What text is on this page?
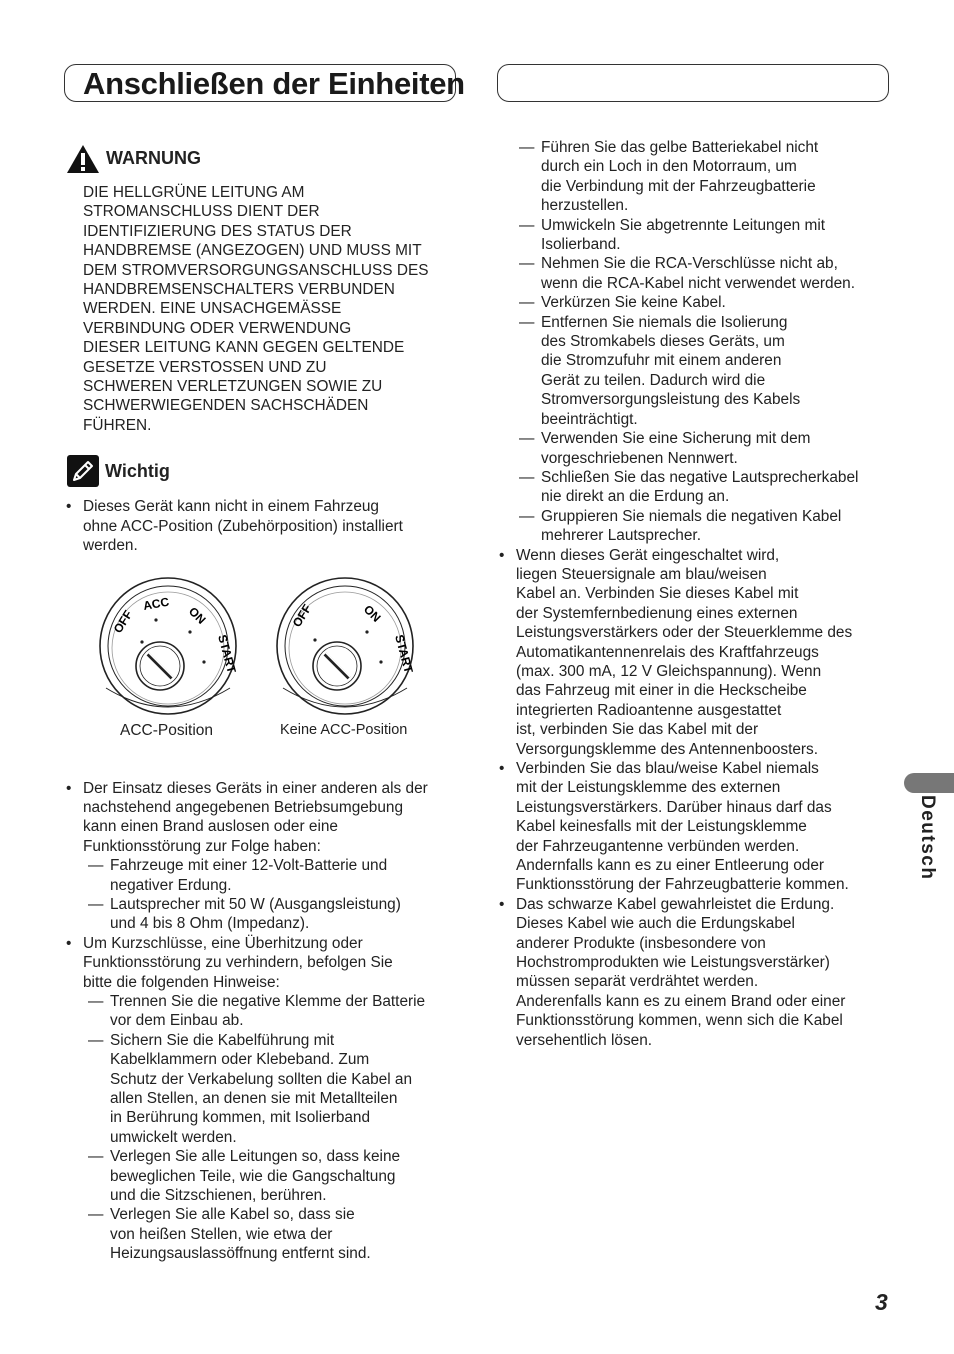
Anschließen der Einheiten
WARNUNG
DIE HELLGRÜNE LEITUNG AM
STROMANSCHLUSS DIENT DER
IDENTIFIZIERUNG DES STATUS DER
HANDBREMSE (ANGEZOGEN) UND MUSS MIT
DEM STROMVERSORGUNGSANSCHLUSS DES
HANDBREMSENSCHALTERS VERBUNDEN
WERDEN. EINE UNSACHGEMÄSSE
VERBINDUNG ODER VERWENDUNG
DIESER LEITUNG KANN GEGEN GELTENDE
GESETZE VERSTOSSEN UND ZU
SCHWEREN VERLETZUNGEN SOWIE ZU
SCHWERWIEGENDEN SACHSCHÄDEN
FÜHREN.
Wichtig
• Dieses Gerät kann nicht in einem Fahrzeug
ohne ACC-Position (Zubehörposition) installiert
werden.
OFF
ACC
ON
START
OFF	ON
START
ACC-Position	Keine ACC-Position
• Der Einsatz dieses Geräts in einer anderen als der
nachstehend angegebenen Betriebsumgebung
kann einen Brand auslosen oder eine
Funktionsstörung zur Folge haben:
— Fahrzeuge mit einer 12-Volt-Batterie und
negativer Erdung.
— Lautsprecher mit 50 W (Ausgangsleistung)
und 4 bis 8 Ohm (Impedanz).
• Um Kurzschlüsse, eine Überhitzung oder
Funktionsstörung zu verhindern, befolgen Sie
bitte die folgenden Hinweise:
— Trennen Sie die negative Klemme der Batterie
vor dem Einbau ab.
— Sichern Sie die Kabelführung mit
Kabelklammern oder Klebeband. Zum
Schutz der Verkabelung sollten die Kabel an
allen Stellen, an denen sie mit Metallteilen
in Berührung kommen, mit Isolierband
umwickelt werden.
— Verlegen Sie alle Leitungen so, dass keine
beweglichen Teile, wie die Gangschaltung
und die Sitzschienen, berühren.
— Verlegen Sie alle Kabel so, dass sie
von heißen Stellen, wie etwa der
Heizungsauslassöffnung entfernt sind.
— Führen Sie das gelbe Batteriekabel nicht
durch ein Loch in den Motorraum, um
die Verbindung mit der Fahrzeugbatterie
herzustellen.
— Umwickeln Sie abgetrennte Leitungen mit
Isolierband.
— Nehmen Sie die RCA-Verschlüsse nicht ab,
wenn die RCA-Kabel nicht verwendet werden.
— Verkürzen Sie keine Kabel.
— Entfernen Sie niemals die Isolierung
des Stromkabels dieses Geräts, um
die Stromzufuhr mit einem anderen
Gerät zu teilen. Dadurch wird die
Stromversorgungsleistung des Kabels
beeinträchtigt.
— Verwenden Sie eine Sicherung mit dem
vorgeschriebenen Nennwert.
— Schließen Sie das negative Lautsprecherkabel
nie direkt an die Erdung an.
— Gruppieren Sie niemals die negativen Kabel
mehrerer Lautsprecher.
• Wenn dieses Gerät eingeschaltet wird,
liegen Steuersignale am blau/weisen
Kabel an. Verbinden Sie dieses Kabel mit
der Systemfernbedienung eines externen
Leistungsverstärkers oder der Steuerklemme des
Automatikantennenrelais des Kraftfahrzeugs
(max. 300 mA, 12 V Gleichspannung). Wenn
das Fahrzeug mit einer in die Heckscheibe
integrierten Radioantenne ausgestattet
ist, verbinden Sie das Kabel mit der
Versorgungsklemme des Antennenboosters.
• Verbinden Sie das blau/weise Kabel niemals
mit der Leistungsklemme des externen
Leistungsverstärkers. Darüber hinaus darf das
Kabel keinesfalls mit der Leistungsklemme
der Fahrzeugantenne verbünden werden.
Andernfalls kann es zu einer Entleerung oder
Funktionsstörung der Fahrzeugbatterie kommen.
• Das schwarze Kabel gewahrleistet die Erdung.
Dieses Kabel wie auch die Erdungskabel
anderer Produkte (insbesondere von
Hochstromprodukten wie Leistungsverstärker)
müssen separät verdrähtet werden.
Anderenfalls kann es zu einem Brand oder einer
Funktionsstörung kommen, wenn sich die Kabel
versehentlich lösen.
Deutsch
3
